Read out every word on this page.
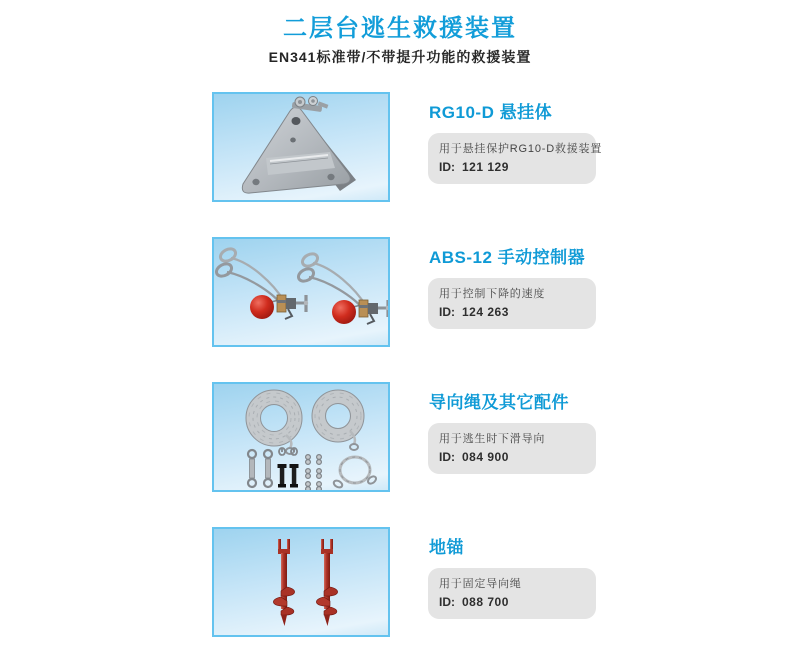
二层台逃生救援装置

EN341标准带/不带提升功能的救援装置

RG10-D 悬挂体

用于悬挂保护RG10-D救援装置

ID: 121 129

ABS-12 手动控制器

用于控制下降的速度

ID: 124 263

导向绳及其它配件

用于逃生时下滑导向

ID: 084 900

地锚

用于固定导向绳

ID: 088 700
